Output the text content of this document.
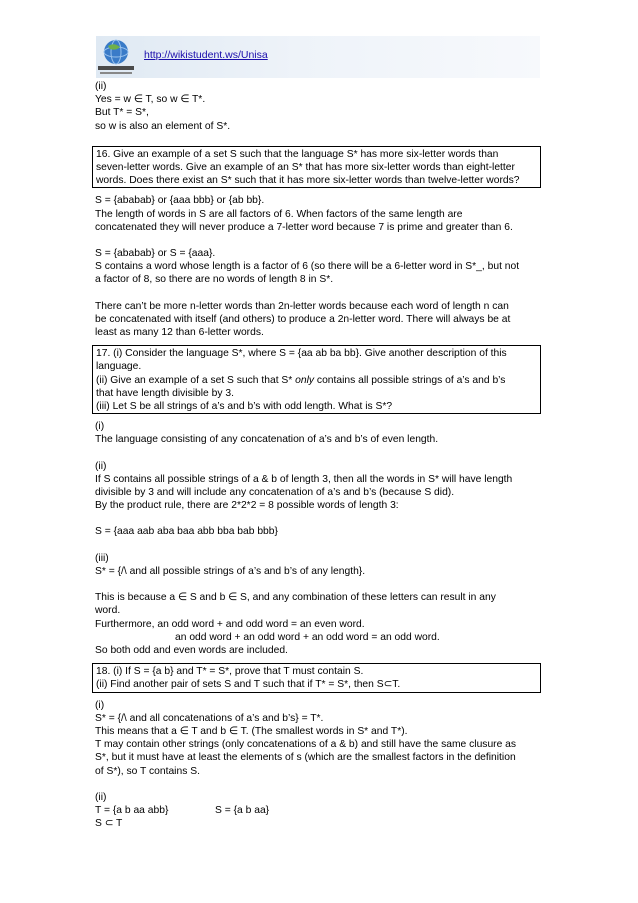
http://wikistudent.ws/Unisa
(ii)
Yes = w ∈ T, so w ∈ T*.
But T* = S*,
so w is also an element of S*.
16. Give an example of a set S such that the language S* has more six-letter words than
seven-letter words. Give an example of an S* that has more six-letter words than eight-letter
words. Does there exist an S* such that it has more six-letter words than twelve-letter words?
S = {ababab} or {aaa bbb} or {ab bb}.
The length of words in S are all factors of 6. When factors of the same length are
concatenated they will never produce a 7-letter word because 7 is prime and greater than 6.
S = {ababab} or S = {aaa}.
S contains a word whose length is a factor of 6 (so there will be a 6-letter word in S*_, but not
a factor of 8, so there are no words of length 8 in S*.
There can’t be more n-letter words than 2n-letter words because each word of length n can
be concatenated with itself (and others) to produce a 2n-letter word. There will always be at
least as many 12 than 6-letter words.
17. (i) Consider the language S*, where S = {aa ab ba bb}. Give another description of this
language.
(ii) Give an example of a set S such that S* only contains all possible strings of a’s and b’s
that have length divisible by 3.
(iii) Let S be all strings of a’s and b’s with odd length. What is S*?
(i)
The language consisting of any concatenation of a’s and b’s of even length.
(ii)
If S contains all possible strings of a & b of length 3, then all the words in S* will have length
divisible by 3 and will include any concatenation of a’s and b’s (because S did).
By the product rule, there are 2*2*2 = 8 possible words of length 3:
S = {aaa aab aba baa abb bba bab bbb}
(iii)
S* = {/\ and all possible strings of a’s and b’s of any length}.
This is because a ∈ S and b ∈ S, and any combination of these letters can result in any
word.
Furthermore, an odd word + and odd word = an even word.
an odd word + an odd word + an odd word = an odd word.
So both odd and even words are included.
18. (i) If S = {a b} and T* = S*, prove that T must contain S.
(ii) Find another pair of sets S and T such that if T* = S*, then S⊂T.
(i)
S* = {/\ and all concatenations of a’s and b’s} = T*.
This means that a ∈ T and b ∈ T. (The smallest words in S* and T*).
T may contain other strings (only concatenations of a & b) and still have the same clusure as
S*, but it must have at least the elements of s (which are the smallest factors in the definition
of S*), so T contains S.
(ii)
T = {a b aa abb}	S = {a b aa}
S ⊂ T
